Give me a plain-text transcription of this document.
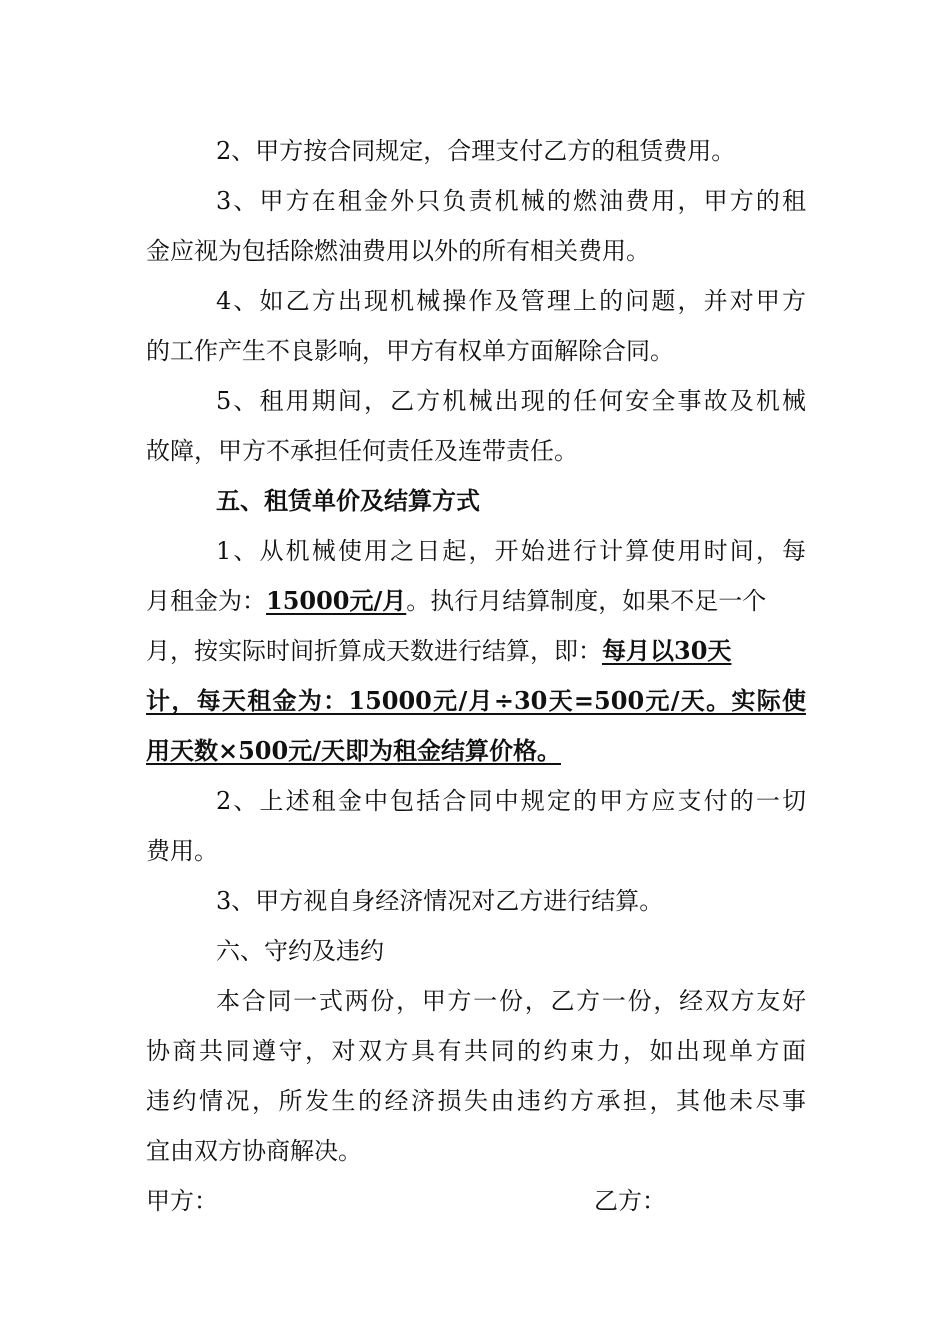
2、甲方按合同规定，合理支付乙方的租赁费用。
3、甲方在租金外只负责机械的燃油费用，甲方的租
金应视为包括除燃油费用以外的所有相关费用。
4、如乙方出现机械操作及管理上的问题，并对甲方
的工作产生不良影响，甲方有权单方面解除合同。
5、租用期间，乙方机械出现的任何安全事故及机械
故障，甲方不承担任何责任及连带责任。
五、租赁单价及结算方式
1、从机械使用之日起，开始进行计算使用时间，每
月租金为：15000元/月。执行月结算制度，如果不足一个
月，按实际时间折算成天数进行结算，即：每月以30天
计，每天租金为：15000元/月÷30天=500元/天。实际使
用天数×500元/天即为租金结算价格。
2、上述租金中包括合同中规定的甲方应支付的一切
费用。
3、甲方视自身经济情况对乙方进行结算。
六、守约及违约
本合同一式两份，甲方一份，乙方一份，经双方友好
协商共同遵守，对双方具有共同的约束力，如出现单方面
违约情况，所发生的经济损失由违约方承担，其他未尽事
宜由双方协商解决。
甲方：	乙方：
